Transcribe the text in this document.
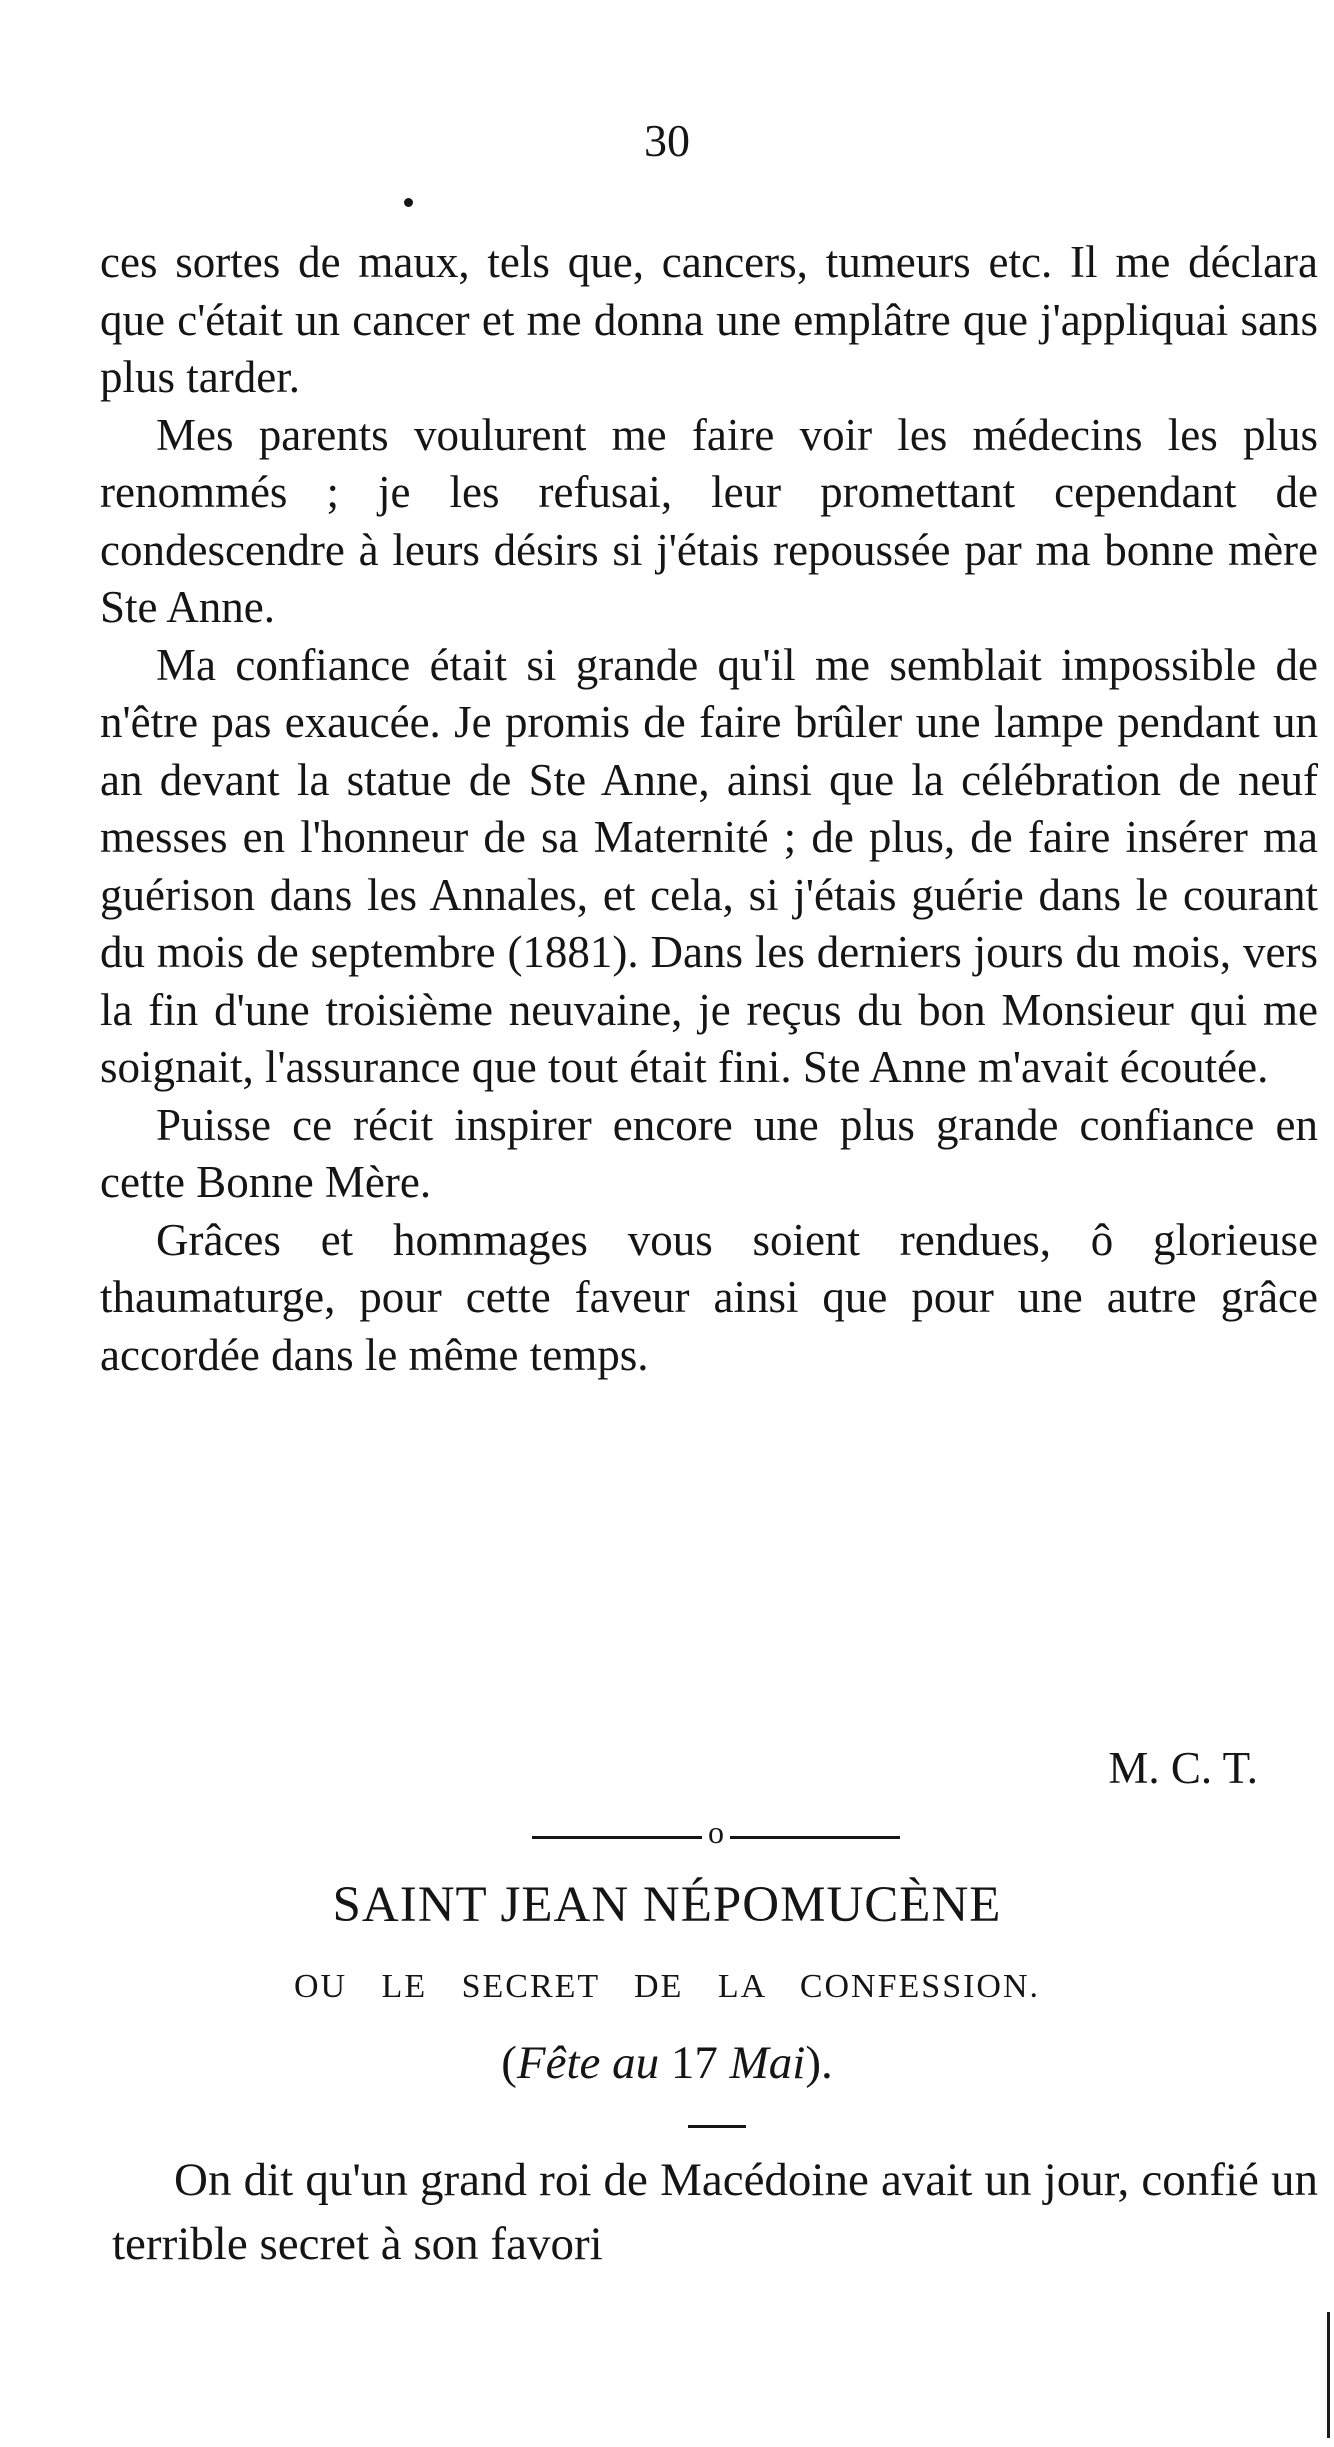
30

ces sortes de maux, tels que, cancers, tumeurs etc. Il me déclara que c'était un cancer et me donna une emplâtre que j'appliquai sans plus tarder.

Mes parents voulurent me faire voir les médecins les plus renommés ; je les refusai, leur promettant cependant de condescendre à leurs désirs si j'étais repoussée par ma bonne mère Ste Anne.

Ma confiance était si grande qu'il me semblait impossible de n'être pas exaucée. Je promis de faire brûler une lampe pendant un an devant la statue de Ste Anne, ainsi que la célébration de neuf messes en l'honneur de sa Maternité ; de plus, de faire insérer ma guérison dans les Annales, et cela, si j'étais guérie dans le courant du mois de septembre (1881). Dans les derniers jours du mois, vers la fin d'une troisième neuvaine, je reçus du bon Monsieur qui me soignait, l'assurance que tout était fini. Ste Anne m'avait écoutée.

Puisse ce récit inspirer encore une plus grande confiance en cette Bonne Mère.

Grâces et hommages vous soient rendues, ô glorieuse thaumaturge, pour cette faveur ainsi que pour une autre grâce accordée dans le même temps.

M. C. T.
o
SAINT JEAN NÉPOMUCÈNE
OU LE SECRET DE LA CONFESSION.
(Fête au 17 Mai).

On dit qu'un grand roi de Macédoine avait un jour, confié un terrible secret à son favori
